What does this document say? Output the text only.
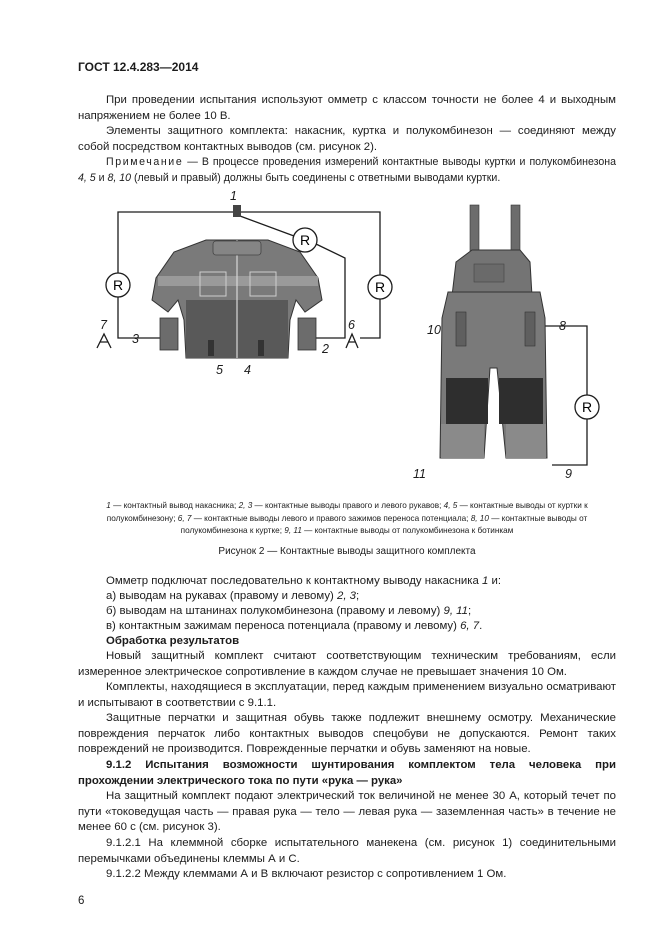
ГОСТ 12.4.283—2014

При проведении испытания используют омметр с классом точности не более 4 и выходным напряжением не более 10 В.

Элементы защитного комплекта: накасник, куртка и полукомбинезон — соединяют между собой посредством контактных выводов (см. рисунок 2).

Примечание — В процессе проведения измерений контактные выводы куртки и полукомбинезона 4, 5 и 8, 10 (левый и правый) должны быть соединены с ответными выводами куртки.

R
R
R
R
1
2
3
4
5
6
7	8
9
10
11

1 — контактный вывод накасника; 2, 3 — контактные выводы правого и левого рукавов; 4, 5 — контактные выводы от куртки к полукомбинезону; 6, 7 — контактные выводы левого и правого зажимов переноса потенциала; 8, 10 — контактные выводы от полукомбинезона к куртке; 9, 11 — контактные выводы от полукомбинезона к ботинкам

Рисунок 2 — Контактные выводы защитного комплекта

Омметр подключат последовательно к контактному выводу накасника 1 и:

а) выводам на рукавах (правому и левому) 2, 3;

б) выводам на штанинах полукомбинезона (правому и левому) 9, 11;

в) контактным зажимам переноса потенциала (правому и левому) 6, 7.

Обработка результатов

Новый защитный комплект считают соответствующим техническим требованиям, если измеренное электрическое сопротивление в каждом случае не превышает значения 10 Ом.

Комплекты, находящиеся в эксплуатации, перед каждым применением визуально осматривают и испытывают в соответствии с 9.1.1.

Защитные перчатки и защитная обувь также подлежит внешнему осмотру. Механические повреждения перчаток либо контактных выводов спецобуви не допускаются. Ремонт таких повреждений не производится. Поврежденные перчатки и обувь заменяют на новые.

9.1.2 Испытания возможности шунтирования комплектом тела человека при прохождении электрического тока по пути «рука — рука»

На защитный комплект подают электрический ток величиной не менее 30 А, который течет по пути «токоведущая часть — правая рука — тело — левая рука — заземленная часть» в течение не менее 60 с (см. рисунок 3).

9.1.2.1 На клеммной сборке испытательного манекена (см. рисунок 1) соединительными перемычками объединены клеммы А и С.

9.1.2.2 Между клеммами А и В включают резистор с сопротивлением 1 Ом.

6
